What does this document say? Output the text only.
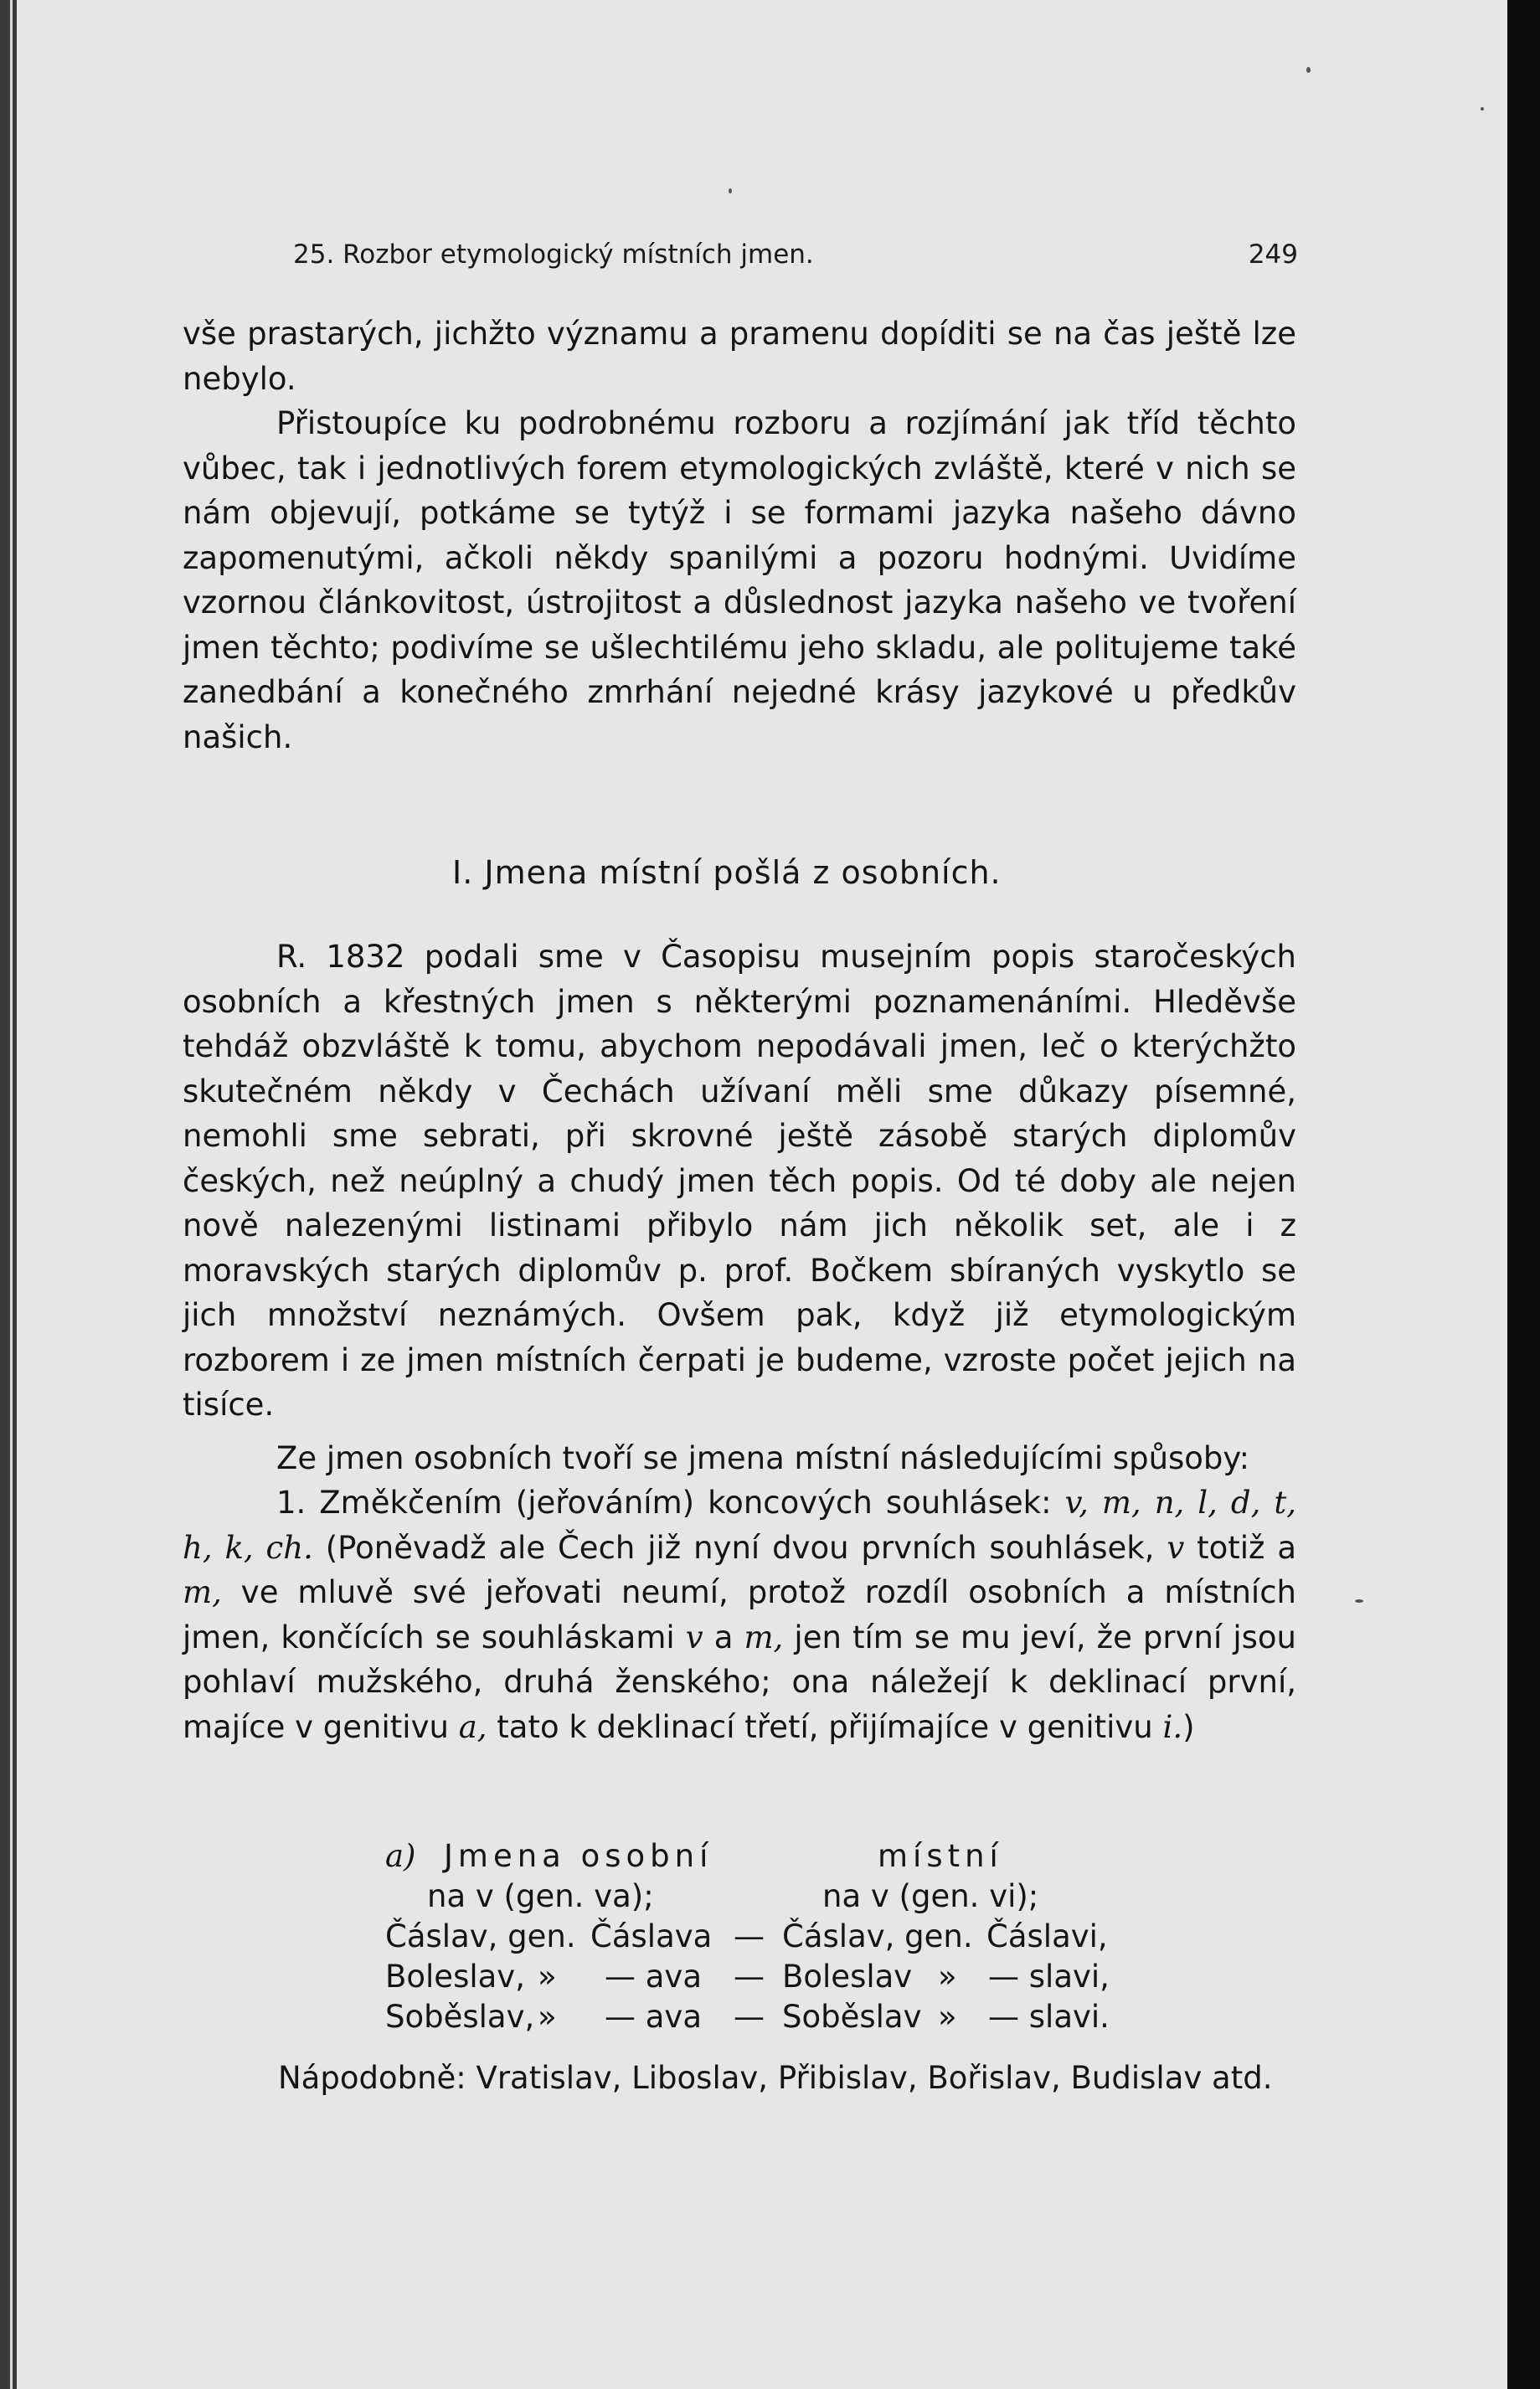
25. Rozbor etymologický místních jmen.	249

vše prastarých, jichžto významu a pramenu dopíditi se na čas ještě lze nebylo.

Přistoupíce ku podrobnému rozboru a rozjímání jak tříd těchto vůbec, tak i jednotlivých forem etymologických zvláště, které v nich se nám objevují, potkáme se tytýž i se formami jazyka našeho dávno zapomenutými, ačkoli někdy spanilými a pozoru hodnými. Uvidíme vzornou článkovitost, ústrojitost a důslednost jazyka našeho ve tvoření jmen těchto; podivíme se ušlechtilému jeho skladu, ale politujeme také zanedbání a konečného zmrhání nejedné krásy jazykové u předkův našich.

I. Jmena místní pošlá z osobních.

R. 1832 podali sme v Časopisu musejním popis staročeských osobních a křestných jmen s některými poznamenáními. Hleděvše tehdáž obzvláště k tomu, abychom nepodávali jmen, leč o kterýchžto skutečném někdy v Čechách užívaní měli sme důkazy písemné, nemohli sme sebrati, při skrovné ještě zásobě starých diplomův českých, než neúplný a chudý jmen těch popis. Od té doby ale nejen nově nalezenými listinami přibylo nám jich několik set, ale i z moravských starých diplomův p. prof. Bočkem sbíraných vyskytlo se jich množství neznámých. Ovšem pak, když již etymologickým rozborem i ze jmen místních čerpati je budeme, vzroste počet jejich na tisíce.

Ze jmen osobních tvoří se jmena místní následujícími spůsoby:

1. Změkčením (jeřováním) koncových souhlásek: v, m, n, l, d, t, h, k, ch. (Poněvadž ale Čech již nyní dvou prvních souhlásek, v totiž a m, ve mluvě své jeřovati neumí, protož rozdíl osobních a místních jmen, končících se souhláskami v a m, jen tím se mu jeví, že první jsou pohlaví mužského, druhá ženského; ona náležejí k deklinací první, majíce v genitivu a, tato k deklinací třetí, přijímajíce v genitivu i.)

a) Jmena osobní	místní
na v (gen. va);	na v (gen. vi);
Čáslav, gen. Čáslava — Čáslav, gen. Čáslavi,
Boleslav, » — ava — Boleslav » — slavi,
Soběslav, » — ava — Soběslav » — slavi.
Nápodobně: Vratislav, Liboslav, Přibislav, Bořislav, Budislav atd.
